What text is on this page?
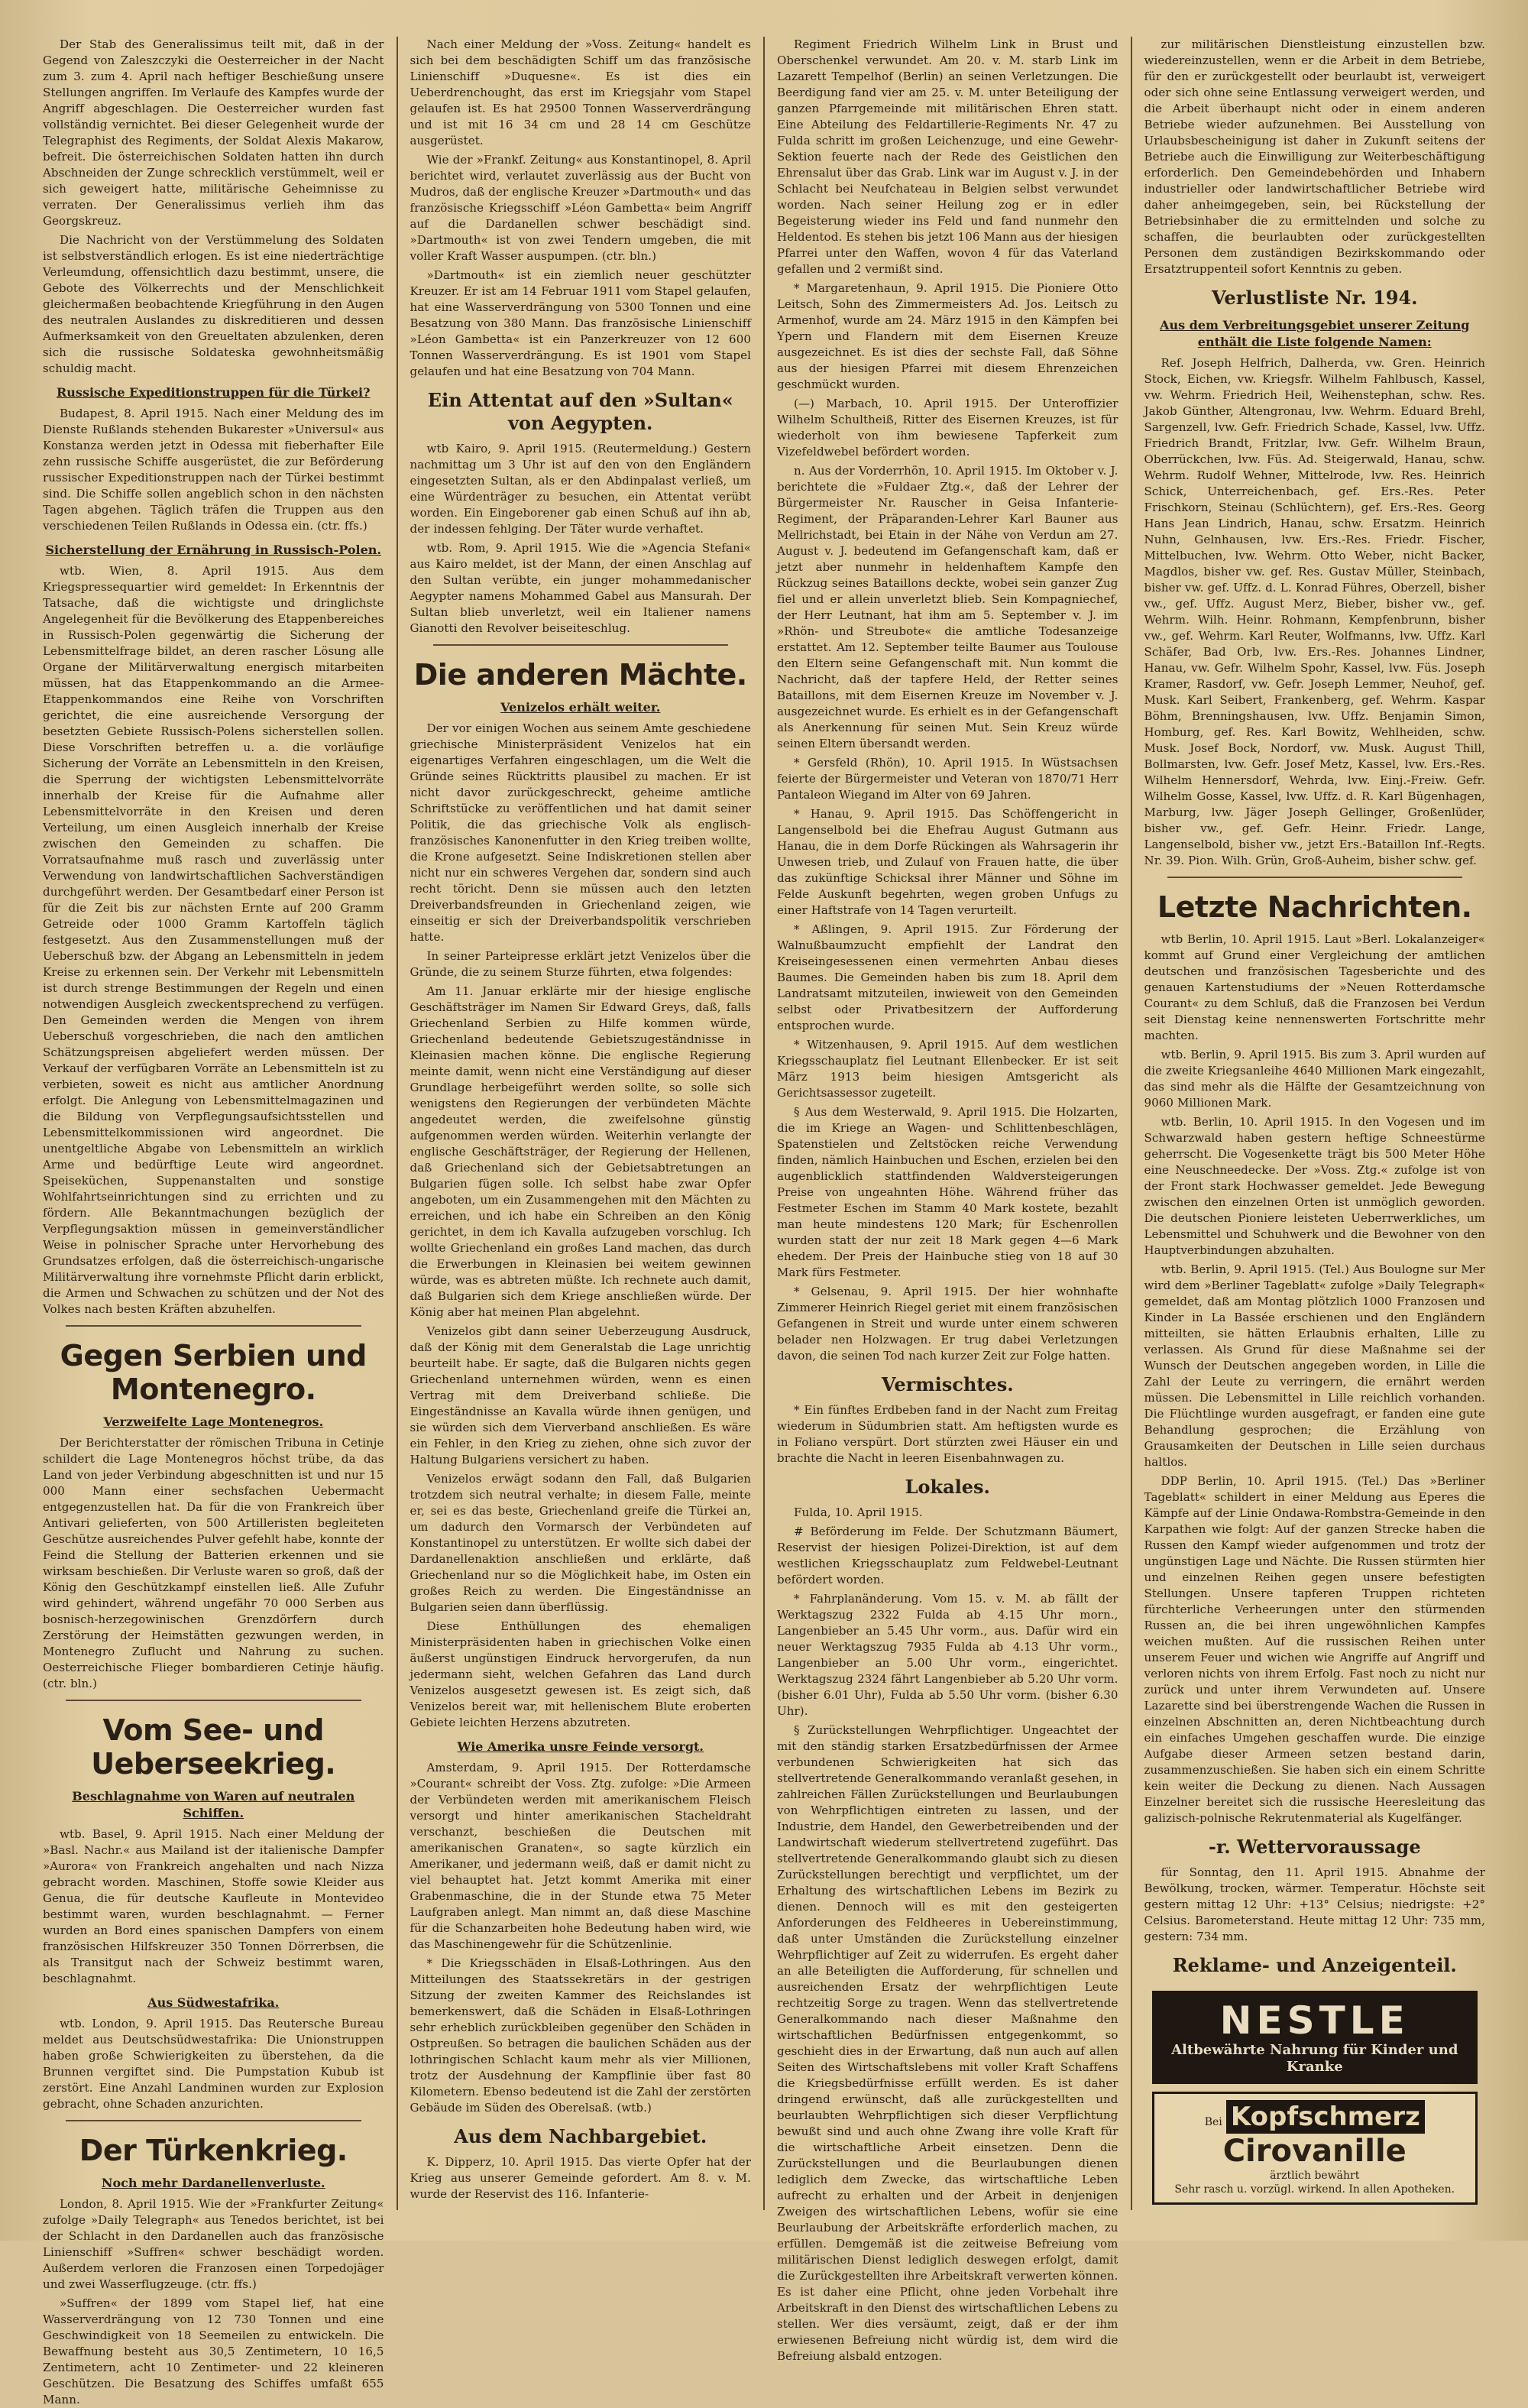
Der Stab des Generalissimus teilt mit, daß in der Gegend von Zaleszczyki die Oesterreicher in der Nacht zum 3. zum 4. April nach heftiger Beschießung unsere Stellungen angriffen. Im Verlaufe des Kampfes wurde der Angriff abgeschlagen. Die Oesterreicher wurden fast vollständig vernichtet. Bei dieser Gelegenheit wurde der Telegraphist des Regiments, der Soldat Alexis Makarow, befreit. Die österreichischen Soldaten hatten ihn durch Abschneiden der Zunge schrecklich verstümmelt, weil er sich geweigert hatte, militärische Geheimnisse zu verraten. Der Generalissimus verlieh ihm das Georgskreuz.

Die Nachricht von der Verstümmelung des Soldaten ist selbstverständlich erlogen. Es ist eine niederträchtige Verleumdung, offensichtlich dazu bestimmt, unsere, die Gebote des Völkerrechts und der Menschlichkeit gleichermaßen beobachtende Kriegführung in den Augen des neutralen Auslandes zu diskreditieren und dessen Aufmerksamkeit von den Greueltaten abzulenken, deren sich die russische Soldateska gewohnheitsmäßig schuldig macht.

Russische Expeditionstruppen für die Türkei?

Budapest, 8. April 1915. Nach einer Meldung des im Dienste Rußlands stehenden Bukarester »Universul« aus Konstanza werden jetzt in Odessa mit fieberhafter Eile zehn russische Schiffe ausgerüstet, die zur Beförderung russischer Expeditionstruppen nach der Türkei bestimmt sind. Die Schiffe sollen angeblich schon in den nächsten Tagen abgehen. Täglich träfen die Truppen aus den verschiedenen Teilen Rußlands in Odessa ein. (ctr. ffs.)

Sicherstellung der Ernährung in Russisch-Polen.

wtb. Wien, 8. April 1915. Aus dem Kriegspressequartier wird gemeldet: In Erkenntnis der Tatsache, daß die wichtigste und dringlichste Angelegenheit für die Bevölkerung des Etappenbereiches in Russisch-Polen gegenwärtig die Sicherung der Lebensmittelfrage bildet, an deren rascher Lösung alle Organe der Militärverwaltung energisch mitarbeiten müssen, hat das Etappenkommando an die Armee-Etappenkommandos eine Reihe von Vorschriften gerichtet, die eine ausreichende Versorgung der besetzten Gebiete Russisch-Polens sicherstellen sollen. Diese Vorschriften betreffen u. a. die vorläufige Sicherung der Vorräte an Lebensmitteln in den Kreisen, die Sperrung der wichtigsten Lebensmittelvorräte innerhalb der Kreise für die Aufnahme aller Lebensmittelvorräte in den Kreisen und deren Verteilung, um einen Ausgleich innerhalb der Kreise zwischen den Gemeinden zu schaffen. Die Vorratsaufnahme muß rasch und zuverlässig unter Verwendung von landwirtschaftlichen Sachverständigen durchgeführt werden. Der Gesamtbedarf einer Person ist für die Zeit bis zur nächsten Ernte auf 200 Gramm Getreide oder 1000 Gramm Kartoffeln täglich festgesetzt. Aus den Zusammenstellungen muß der Ueberschuß bzw. der Abgang an Lebensmitteln in jedem Kreise zu erkennen sein. Der Verkehr mit Lebensmitteln ist durch strenge Bestimmungen der Regeln und einen notwendigen Ausgleich zweckentsprechend zu verfügen. Den Gemeinden werden die Mengen von ihrem Ueberschuß vorgeschrieben, die nach den amtlichen Schätzungspreisen abgeliefert werden müssen. Der Verkauf der verfügbaren Vorräte an Lebensmitteln ist zu verbieten, soweit es nicht aus amtlicher Anordnung erfolgt. Die Anlegung von Lebensmittelmagazinen und die Bildung von Verpflegungsaufsichtsstellen und Lebensmittelkommissionen wird angeordnet. Die unentgeltliche Abgabe von Lebensmitteln an wirklich Arme und bedürftige Leute wird angeordnet. Speiseküchen, Suppenanstalten und sonstige Wohlfahrtseinrichtungen sind zu errichten und zu fördern. Alle Bekanntmachungen bezüglich der Verpflegungsaktion müssen in gemeinverständlicher Weise in polnischer Sprache unter Hervorhebung des Grundsatzes erfolgen, daß die österreichisch-ungarische Militärverwaltung ihre vornehmste Pflicht darin erblickt, die Armen und Schwachen zu schützen und der Not des Volkes nach besten Kräften abzuhelfen.

Gegen Serbien und Montenegro.
Verzweifelte Lage Montenegros.

Der Berichterstatter der römischen Tribuna in Cetinje schildert die Lage Montenegros höchst trübe, da das Land von jeder Verbindung abgeschnitten ist und nur 15 000 Mann einer sechsfachen Uebermacht entgegenzustellen hat. Da für die von Frankreich über Antivari gelieferten, von 500 Artilleristen begleiteten Geschütze ausreichendes Pulver gefehlt habe, konnte der Feind die Stellung der Batterien erkennen und sie wirksam beschießen. Dir Verluste waren so groß, daß der König den Geschützkampf einstellen ließ. Alle Zufuhr wird gehindert, während ungefähr 70 000 Serben aus bosnisch-herzegowinischen Grenzdörfern durch Zerstörung der Heimstätten gezwungen werden, in Montenegro Zuflucht und Nahrung zu suchen. Oesterreichische Flieger bombardieren Cetinje häufig. (ctr. bln.)

Vom See- und Ueberseekrieg.
Beschlagnahme von Waren auf neutralen Schiffen.

wtb. Basel, 9. April 1915. Nach einer Meldung der »Basl. Nachr.« aus Mailand ist der italienische Dampfer »Aurora« von Frankreich angehalten und nach Nizza gebracht worden. Maschinen, Stoffe sowie Kleider aus Genua, die für deutsche Kaufleute in Montevideo bestimmt waren, wurden beschlagnahmt. — Ferner wurden an Bord eines spanischen Dampfers von einem französischen Hilfskreuzer 350 Tonnen Dörrerbsen, die als Transitgut nach der Schweiz bestimmt waren, beschlagnahmt.

Aus Südwestafrika.

wtb. London, 9. April 1915. Das Reutersche Bureau meldet aus Deutschsüdwestafrika: Die Unionstruppen haben große Schwierigkeiten zu überstehen, da die Brunnen vergiftet sind. Die Pumpstation Kubub ist zerstört. Eine Anzahl Landminen wurden zur Explosion gebracht, ohne Schaden anzurichten.

Der Türkenkrieg.
Noch mehr Dardanellenverluste.

London, 8. April 1915. Wie der »Frankfurter Zeitung« zufolge »Daily Telegraph« aus Tenedos berichtet, ist bei der Schlacht in den Dardanellen auch das französische Linienschiff »Suffren« schwer beschädigt worden. Außerdem verloren die Franzosen einen Torpedojäger und zwei Wasserflugzeuge. (ctr. ffs.)

»Suffren« der 1899 vom Stapel lief, hat eine Wasserverdrängung von 12 730 Tonnen und eine Geschwindigkeit von 18 Seemeilen zu entwickeln. Die Bewaffnung besteht aus 30,5 Zentimetern, 10 16,5 Zentimetern, acht 10 Zentimeter- und 22 kleineren Geschützen. Die Besatzung des Schiffes umfaßt 655 Mann.

Nach einer Meldung der »Voss. Zeitung« handelt es sich bei dem beschädigten Schiff um das französische Linienschiff »Duquesne«. Es ist dies ein Ueberdrenchought, das erst im Kriegsjahr vom Stapel gelaufen ist. Es hat 29500 Tonnen Wasserverdrängung und ist mit 16 34 cm und 28 14 cm Geschütze ausgerüstet.

Wie der »Frankf. Zeitung« aus Konstantinopel, 8. April berichtet wird, verlautet zuverlässig aus der Bucht von Mudros, daß der englische Kreuzer »Dartmouth« und das französische Kriegsschiff »Léon Gambetta« beim Angriff auf die Dardanellen schwer beschädigt sind. »Dartmouth« ist von zwei Tendern umgeben, die mit voller Kraft Wasser auspumpen. (ctr. bln.)

»Dartmouth« ist ein ziemlich neuer geschützter Kreuzer. Er ist am 14 Februar 1911 vom Stapel gelaufen, hat eine Wasserverdrängung von 5300 Tonnen und eine Besatzung von 380 Mann. Das französische Linienschiff »Léon Gambetta« ist ein Panzerkreuzer von 12 600 Tonnen Wasserverdrängung. Es ist 1901 vom Stapel gelaufen und hat eine Besatzung von 704 Mann.

Ein Attentat auf den »Sultan« von Aegypten.

wtb Kairo, 9. April 1915. (Reutermeldung.) Gestern nachmittag um 3 Uhr ist auf den von den Engländern eingesetzten Sultan, als er den Abdinpalast verließ, um eine Würdenträger zu besuchen, ein Attentat verübt worden. Ein Eingeborener gab einen Schuß auf ihn ab, der indessen fehlging. Der Täter wurde verhaftet.

wtb. Rom, 9. April 1915. Wie die »Agencia Stefani« aus Kairo meldet, ist der Mann, der einen Anschlag auf den Sultan verübte, ein junger mohammedanischer Aegypter namens Mohammed Gabel aus Mansurah. Der Sultan blieb unverletzt, weil ein Italiener namens Gianotti den Revolver beiseiteschlug.

Die anderen Mächte.
Venizelos erhält weiter.

Der vor einigen Wochen aus seinem Amte geschiedene griechische Ministerpräsident Venizelos hat ein eigenartiges Verfahren eingeschlagen, um die Welt die Gründe seines Rücktritts plausibel zu machen. Er ist nicht davor zurückgeschreckt, geheime amtliche Schriftstücke zu veröffentlichen und hat damit seiner Politik, die das griechische Volk als englisch-französisches Kanonenfutter in den Krieg treiben wollte, die Krone aufgesetzt. Seine Indiskretionen stellen aber nicht nur ein schweres Vergehen dar, sondern sind auch recht töricht. Denn sie müssen auch den letzten Dreiverbandsfreunden in Griechenland zeigen, wie einseitig er sich der Dreiverbandspolitik verschrieben hatte.

In seiner Parteipresse erklärt jetzt Venizelos über die Gründe, die zu seinem Sturze führten, etwa folgendes:

Am 11. Januar erklärte mir der hiesige englische Geschäftsträger im Namen Sir Edward Greys, daß, falls Griechenland Serbien zu Hilfe kommen würde, Griechenland bedeutende Gebietszugeständnisse in Kleinasien machen könne. Die englische Regierung meinte damit, wenn nicht eine Verständigung auf dieser Grundlage herbeigeführt werden sollte, so solle sich wenigstens den Regierungen der verbündeten Mächte angedeutet werden, die zweifelsohne günstig aufgenommen werden würden. Weiterhin verlangte der englische Geschäftsträger, der Regierung der Hellenen, daß Griechenland sich der Gebietsabtretungen an Bulgarien fügen solle. Ich selbst habe zwar Opfer angeboten, um ein Zusammengehen mit den Mächten zu erreichen, und ich habe ein Schreiben an den König gerichtet, in dem ich Kavalla aufzugeben vorschlug. Ich wollte Griechenland ein großes Land machen, das durch die Erwerbungen in Kleinasien bei weitem gewinnen würde, was es abtreten müßte. Ich rechnete auch damit, daß Bulgarien sich dem Kriege anschließen würde. Der König aber hat meinen Plan abgelehnt.

Venizelos gibt dann seiner Ueberzeugung Ausdruck, daß der König mit dem Generalstab die Lage unrichtig beurteilt habe. Er sagte, daß die Bulgaren nichts gegen Griechenland unternehmen würden, wenn es einen Vertrag mit dem Dreiverband schließe. Die Eingeständnisse an Kavalla würde ihnen genügen, und sie würden sich dem Vierverband anschließen. Es wäre ein Fehler, in den Krieg zu ziehen, ohne sich zuvor der Haltung Bulgariens versichert zu haben.

Venizelos erwägt sodann den Fall, daß Bulgarien trotzdem sich neutral verhalte; in diesem Falle, meinte er, sei es das beste, Griechenland greife die Türkei an, um dadurch den Vormarsch der Verbündeten auf Konstantinopel zu unterstützen. Er wollte sich dabei der Dardanellenaktion anschließen und erklärte, daß Griechenland nur so die Möglichkeit habe, im Osten ein großes Reich zu werden. Die Eingeständnisse an Bulgarien seien dann überflüssig.

Diese Enthüllungen des ehemaligen Ministerpräsidenten haben in griechischen Volke einen äußerst ungünstigen Eindruck hervorgerufen, da nun jedermann sieht, welchen Gefahren das Land durch Venizelos ausgesetzt gewesen ist. Es zeigt sich, daß Venizelos bereit war, mit hellenischem Blute eroberten Gebiete leichten Herzens abzutreten.

Wie Amerika unsre Feinde versorgt.

Amsterdam, 9. April 1915. Der Rotterdamsche »Courant« schreibt der Voss. Ztg. zufolge: »Die Armeen der Verbündeten werden mit amerikanischem Fleisch versorgt und hinter amerikanischen Stacheldraht verschanzt, beschießen die Deutschen mit amerikanischen Granaten«, so sagte kürzlich ein Amerikaner, und jedermann weiß, daß er damit nicht zu viel behauptet hat. Jetzt kommt Amerika mit einer Grabenmaschine, die in der Stunde etwa 75 Meter Laufgraben anlegt. Man nimmt an, daß diese Maschine für die Schanzarbeiten hohe Bedeutung haben wird, wie das Maschinengewehr für die Schützenlinie.

* Die Kriegsschäden in Elsaß-Lothringen. Aus den Mitteilungen des Staatssekretärs in der gestrigen Sitzung der zweiten Kammer des Reichslandes ist bemerkenswert, daß die Schäden in Elsaß-Lothringen sehr erheblich zurückbleiben gegenüber den Schäden in Ostpreußen. So betragen die baulichen Schäden aus der lothringischen Schlacht kaum mehr als vier Millionen, trotz der Ausdehnung der Kampflinie über fast 80 Kilometern. Ebenso bedeutend ist die Zahl der zerstörten Gebäude im Süden des Oberelsaß. (wtb.)

Aus dem Nachbargebiet.

K. Dipperz, 10. April 1915. Das vierte Opfer hat der Krieg aus unserer Gemeinde gefordert. Am 8. v. M. wurde der Reservist des 116. Infanterie-

Regiment Friedrich Wilhelm Link in Brust und Oberschenkel verwundet. Am 20. v. M. starb Link im Lazarett Tempelhof (Berlin) an seinen Verletzungen. Die Beerdigung fand vier am 25. v. M. unter Beteiligung der ganzen Pfarrgemeinde mit militärischen Ehren statt. Eine Abteilung des Feldartillerie-Regiments Nr. 47 zu Fulda schritt im großen Leichenzuge, und eine Gewehr-Sektion feuerte nach der Rede des Geistlichen den Ehrensalut über das Grab. Link war im August v. J. in der Schlacht bei Neufchateau in Belgien selbst verwundet worden. Nach seiner Heilung zog er in edler Begeisterung wieder ins Feld und fand nunmehr den Heldentod. Es stehen bis jetzt 106 Mann aus der hiesigen Pfarrei unter den Waffen, wovon 4 für das Vaterland gefallen und 2 vermißt sind.

* Margaretenhaun, 9. April 1915. Die Pioniere Otto Leitsch, Sohn des Zimmermeisters Ad. Jos. Leitsch zu Armenhof, wurde am 24. März 1915 in den Kämpfen bei Ypern und Flandern mit dem Eisernen Kreuze ausgezeichnet. Es ist dies der sechste Fall, daß Söhne aus der hiesigen Pfarrei mit diesem Ehrenzeichen geschmückt wurden.

(—) Marbach, 10. April 1915. Der Unteroffizier Wilhelm Schultheiß, Ritter des Eisernen Kreuzes, ist für wiederholt von ihm bewiesene Tapferkeit zum Vizefeldwebel befördert worden.

n. Aus der Vorderrhön, 10. April 1915. Im Oktober v. J. berichtete die »Fuldaer Ztg.«, daß der Lehrer der Bürgermeister Nr. Rauscher in Geisa Infanterie-Regiment, der Präparanden-Lehrer Karl Bauner aus Mellrichstadt, bei Etain in der Nähe von Verdun am 27. August v. J. bedeutend im Gefangenschaft kam, daß er jetzt aber nunmehr in heldenhaftem Kampfe den Rückzug seines Bataillons deckte, wobei sein ganzer Zug fiel und er allein unverletzt blieb. Sein Kompagniechef, der Herr Leutnant, hat ihm am 5. September v. J. im »Rhön- und Streubote« die amtliche Todesanzeige erstattet. Am 12. September teilte Baumer aus Toulouse den Eltern seine Gefangenschaft mit. Nun kommt die Nachricht, daß der tapfere Held, der Retter seines Bataillons, mit dem Eisernen Kreuze im November v. J. ausgezeichnet wurde. Es erhielt es in der Gefangenschaft als Anerkennung für seinen Mut. Sein Kreuz würde seinen Eltern übersandt werden.

* Gersfeld (Rhön), 10. April 1915. In Wüstsachsen feierte der Bürgermeister und Veteran von 1870/71 Herr Pantaleon Wiegand im Alter von 69 Jahren.

* Hanau, 9. April 1915. Das Schöffengericht in Langenselbold bei die Ehefrau August Gutmann aus Hanau, die in dem Dorfe Rückingen als Wahrsagerin ihr Unwesen trieb, und Zulauf von Frauen hatte, die über das zukünftige Schicksal ihrer Männer und Söhne im Felde Auskunft begehrten, wegen groben Unfugs zu einer Haftstrafe von 14 Tagen verurteilt.

* Aßlingen, 9. April 1915. Zur Förderung der Walnußbaumzucht empfiehlt der Landrat den Kreiseingesessenen einen vermehrten Anbau dieses Baumes. Die Gemeinden haben bis zum 18. April dem Landratsamt mitzuteilen, inwieweit von den Gemeinden selbst oder Privatbesitzern der Aufforderung entsprochen wurde.

* Witzenhausen, 9. April 1915. Auf dem westlichen Kriegsschauplatz fiel Leutnant Ellenbecker. Er ist seit März 1913 beim hiesigen Amtsgericht als Gerichtsassessor zugeteilt.

§ Aus dem Westerwald, 9. April 1915. Die Holzarten, die im Kriege an Wagen- und Schlittenbeschlägen, Spatenstielen und Zeltstöcken reiche Verwendung finden, nämlich Hainbuchen und Eschen, erzielen bei den augenblicklich stattfindenden Waldversteigerungen Preise von ungeahnten Höhe. Während früher das Festmeter Eschen im Stamm 40 Mark kostete, bezahlt man heute mindestens 120 Mark; für Eschenrollen wurden statt der nur zeit 18 Mark gegen 4—6 Mark ehedem. Der Preis der Hainbuche stieg von 18 auf 30 Mark fürs Festmeter.

* Gelsenau, 9. April 1915. Der hier wohnhafte Zimmerer Heinrich Riegel geriet mit einem französischen Gefangenen in Streit und wurde unter einem schweren belader nen Holzwagen. Er trug dabei Verletzungen davon, die seinen Tod nach kurzer Zeit zur Folge hatten.

Vermischtes.

* Ein fünftes Erdbeben fand in der Nacht zum Freitag wiederum in Südumbrien statt. Am heftigsten wurde es in Foliano verspürt. Dort stürzten zwei Häuser ein und brachte die Nacht in leeren Eisenbahnwagen zu.

Lokales.

Fulda, 10. April 1915.

# Beförderung im Felde. Der Schutzmann Bäumert, Reservist der hiesigen Polizei-Direktion, ist auf dem westlichen Kriegsschauplatz zum Feldwebel-Leutnant befördert worden.

* Fahrplanänderung. Vom 15. v. M. ab fällt der Werktagszug 2322 Fulda ab 4.15 Uhr morn., Langenbieber an 5.45 Uhr vorm., aus. Dafür wird ein neuer Werktagszug 7935 Fulda ab 4.13 Uhr vorm., Langenbieber an 5.00 Uhr vorm., eingerichtet. Werktagszug 2324 fährt Langenbieber ab 5.20 Uhr vorm. (bisher 6.01 Uhr), Fulda ab 5.50 Uhr vorm. (bisher 6.30 Uhr).

§ Zurückstellungen Wehrpflichtiger. Ungeachtet der mit den ständig starken Ersatzbedürfnissen der Armee verbundenen Schwierigkeiten hat sich das stellvertretende Generalkommando veranlaßt gesehen, in zahlreichen Fällen Zurückstellungen und Beurlaubungen von Wehrpflichtigen eintreten zu lassen, und der Industrie, dem Handel, den Gewerbetreibenden und der Landwirtschaft wiederum stellvertretend zugeführt. Das stellvertretende Generalkommando glaubt sich zu diesen Zurückstellungen berechtigt und verpflichtet, um der Erhaltung des wirtschaftlichen Lebens im Bezirk zu dienen. Dennoch will es mit den gesteigerten Anforderungen des Feldheeres in Uebereinstimmung, daß unter Umständen die Zurückstellung einzelner Wehrpflichtiger auf Zeit zu widerrufen. Es ergeht daher an alle Beteiligten die Aufforderung, für schnellen und ausreichenden Ersatz der wehrpflichtigen Leute rechtzeitig Sorge zu tragen. Wenn das stellvertretende Generalkommando nach dieser Maßnahme den wirtschaftlichen Bedürfnissen entgegenkommt, so geschieht dies in der Erwartung, daß nun auch auf allen Seiten des Wirtschaftslebens mit voller Kraft Schaffens die Kriegsbedürfnisse erfüllt werden. Es ist daher dringend erwünscht, daß alle zurückgestellten und beurlaubten Wehrpflichtigen sich dieser Verpflichtung bewußt sind und auch ohne Zwang ihre volle Kraft für die wirtschaftliche Arbeit einsetzen. Denn die Zurückstellungen und die Beurlaubungen dienen lediglich dem Zwecke, das wirtschaftliche Leben aufrecht zu erhalten und der Arbeit in denjenigen Zweigen des wirtschaftlichen Lebens, wofür sie eine Beurlaubung der Arbeitskräfte erforderlich machen, zu erfüllen. Demgemäß ist die zeitweise Befreiung vom militärischen Dienst lediglich deswegen erfolgt, damit die Zurückgestellten ihre Arbeitskraft verwerten können. Es ist daher eine Pflicht, ohne jeden Vorbehalt ihre Arbeitskraft in den Dienst des wirtschaftlichen Lebens zu stellen. Wer dies versäumt, zeigt, daß er der ihm erwiesenen Befreiung nicht würdig ist, dem wird die Befreiung alsbald entzogen.

zur militärischen Dienstleistung einzustellen bzw. wiedereinzustellen, wenn er die Arbeit in dem Betriebe, für den er zurückgestellt oder beurlaubt ist, verweigert oder sich ohne seine Entlassung verweigert werden, und die Arbeit überhaupt nicht oder in einem anderen Betriebe wieder aufzunehmen. Bei Ausstellung von Urlaubsbescheinigung ist daher in Zukunft seitens der Betriebe auch die Einwilligung zur Weiterbeschäftigung erforderlich. Den Gemeindebehörden und Inhabern industrieller oder landwirtschaftlicher Betriebe wird daher anheimgegeben, sein, bei Rückstellung der Betriebsinhaber die zu ermittelnden und solche zu schaffen, die beurlaubten oder zurückgestellten Personen dem zuständigen Bezirkskommando oder Ersatztruppenteil sofort Kenntnis zu geben.

Verlustliste Nr. 194.
Aus dem Verbreitungsgebiet unserer Zeitung enthält die Liste folgende Namen:

Ref. Joseph Helfrich, Dalherda, vw. Gren. Heinrich Stock, Eichen, vw. Kriegsfr. Wilhelm Fahlbusch, Kassel, vw. Wehrm. Friedrich Heil, Weihenstephan, schw. Res. Jakob Günther, Altengronau, lvw. Wehrm. Eduard Brehl, Sargenzell, lvw. Gefr. Friedrich Schade, Kassel, lvw. Uffz. Friedrich Brandt, Fritzlar, lvw. Gefr. Wilhelm Braun, Oberrückchen, lvw. Füs. Ad. Steigerwald, Hanau, schw. Wehrm. Rudolf Wehner, Mittelrode, lvw. Res. Heinrich Schick, Unterreichenbach, gef. Ers.-Res. Peter Frischkorn, Steinau (Schlüchtern), gef. Ers.-Res. Georg Hans Jean Lindrich, Hanau, schw. Ersatzm. Heinrich Nuhn, Gelnhausen, lvw. Ers.-Res. Friedr. Fischer, Mittelbuchen, lvw. Wehrm. Otto Weber, nicht Backer, Magdlos, bisher vw. gef. Res. Gustav Müller, Steinbach, bisher vw. gef. Uffz. d. L. Konrad Führes, Oberzell, bisher vw., gef. Uffz. August Merz, Bieber, bisher vw., gef. Wehrm. Wilh. Heinr. Rohmann, Kempfenbrunn, bisher vw., gef. Wehrm. Karl Reuter, Wolfmanns, lvw. Uffz. Karl Schäfer, Bad Orb, lvw. Ers.-Res. Johannes Lindner, Hanau, vw. Gefr. Wilhelm Spohr, Kassel, lvw. Füs. Joseph Kramer, Rasdorf, vw. Gefr. Joseph Lemmer, Neuhof, gef. Musk. Karl Seibert, Frankenberg, gef. Wehrm. Kaspar Böhm, Brenningshausen, lvw. Uffz. Benjamin Simon, Homburg, gef. Res. Karl Bowitz, Wehlheiden, schw. Musk. Josef Bock, Nordorf, vw. Musk. August Thill, Bollmarsten, lvw. Gefr. Josef Metz, Kassel, lvw. Ers.-Res. Wilhelm Hennersdorf, Wehrda, lvw. Einj.-Freiw. Gefr. Wilhelm Gosse, Kassel, lvw. Uffz. d. R. Karl Bügenhagen, Marburg, lvw. Jäger Joseph Gellinger, Großenlüder, bisher vw., gef. Gefr. Heinr. Friedr. Lange, Langenselbold, bisher vw., jetzt Ers.-Bataillon Inf.-Regts. Nr. 39. Pion. Wilh. Grün, Groß-Auheim, bisher schw. gef.

Letzte Nachrichten.

wtb Berlin, 10. April 1915. Laut »Berl. Lokalanzeiger« kommt auf Grund einer Vergleichung der amtlichen deutschen und französischen Tagesberichte und des genauen Kartenstudiums der »Neuen Rotterdamsche Courant« zu dem Schluß, daß die Franzosen bei Verdun seit Dienstag keine nennenswerten Fortschritte mehr machten.

wtb. Berlin, 9. April 1915. Bis zum 3. April wurden auf die zweite Kriegsanleihe 4640 Millionen Mark eingezahlt, das sind mehr als die Hälfte der Gesamtzeichnung von 9060 Millionen Mark.

wtb. Berlin, 10. April 1915. In den Vogesen und im Schwarzwald haben gestern heftige Schneestürme geherrscht. Die Vogesenkette trägt bis 500 Meter Höhe eine Neuschneedecke. Der »Voss. Ztg.« zufolge ist von der Front stark Hochwasser gemeldet. Jede Bewegung zwischen den einzelnen Orten ist unmöglich geworden. Die deutschen Pioniere leisteten Ueberrwerkliches, um Lebensmittel und Schuhwerk und die Bewohner von den Hauptverbindungen abzuhalten.

wtb. Berlin, 9. April 1915. (Tel.) Aus Boulogne sur Mer wird dem »Berliner Tageblatt« zufolge »Daily Telegraph« gemeldet, daß am Montag plötzlich 1000 Franzosen und Kinder in La Bassée erschienen und den Engländern mitteilten, sie hätten Erlaubnis erhalten, Lille zu verlassen. Als Grund für diese Maßnahme sei der Wunsch der Deutschen angegeben worden, in Lille die Zahl der Leute zu verringern, die ernährt werden müssen. Die Lebensmittel in Lille reichlich vorhanden. Die Flüchtlinge wurden ausgefragt, er fanden eine gute Behandlung gesprochen; die Erzählung von Grausamkeiten der Deutschen in Lille seien durchaus haltlos.

DDP Berlin, 10. April 1915. (Tel.) Das »Berliner Tageblatt« schildert in einer Meldung aus Eperes die Kämpfe auf der Linie Ondawa-Rombstra-Gemeinde in den Karpathen wie folgt: Auf der ganzen Strecke haben die Russen den Kampf wieder aufgenommen und trotz der ungünstigen Lage und Nächte. Die Russen stürmten hier und einzelnen Reihen gegen unsere befestigten Stellungen. Unsere tapferen Truppen richteten fürchterliche Verheerungen unter den stürmenden Russen an, die bei ihren ungewöhnlichen Kampfes weichen mußten. Auf die russischen Reihen unter unserem Feuer und wichen wie Angriffe auf Angriff und verloren nichts von ihrem Erfolg. Fast noch zu nicht nur zurück und unter ihrem Verwundeten auf. Unsere Lazarette sind bei überstrengende Wachen die Russen in einzelnen Abschnitten an, deren Nichtbeachtung durch ein einfaches Umgehen geschaffen wurde. Die einzige Aufgabe dieser Armeen setzen bestand darin, zusammenzuschießen. Sie haben sich ein einem Schritte kein weiter die Deckung zu dienen. Nach Aussagen Einzelner bereitet sich die russische Heeresleitung das galizisch-polnische Rekrutenmaterial als Kugelfänger.

-r. Wettervoraussage

für Sonntag, den 11. April 1915. Abnahme der Bewölkung, trocken, wärmer. Temperatur. Höchste seit gestern mittag 12 Uhr: +13° Celsius; niedrigste: +2° Celsius. Barometerstand. Heute mittag 12 Uhr: 735 mm, gestern: 734 mm.

Reklame- und Anzeigenteil.
NESTLE
Altbewährte Nahrung für Kinder und Kranke
Bei Kopfschmerz
Cirovanille
ärztlich bewährt
Sehr rasch u. vorzügl. wirkend. In allen Apotheken.
